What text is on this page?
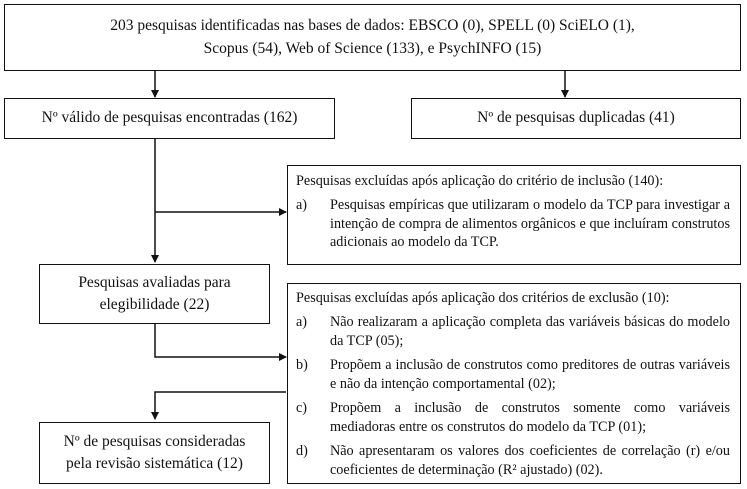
203 pesquisas identificadas nas bases de dados: EBSCO (0), SPELL (0) SciELO (1),
Scopus (54), Web of Science (133), e PsychINFO (15)
Nº válido de pesquisas encontradas (162)	Nº de pesquisas duplicadas (41)
Pesquisas excluídas após aplicação do critério de inclusão (140):
a)	Pesquisas empíricas que utilizaram o modelo da TCP para investigar a intenção de compra de alimentos orgânicos e que incluíram construtos adicionais ao modelo da TCP.
Pesquisas avaliadas para
elegibilidade (22)	Pesquisas excluídas após aplicação dos critérios de exclusão (10):
a)	Não realizaram a aplicação completa das variáveis básicas do modelo da TCP (05);
b)	Propõem a inclusão de construtos como preditores de outras variáveis e não da intenção comportamental (02);
c)	Propõem a inclusão de construtos somente como variáveis mediadoras entre os construtos do modelo da TCP (01);
d)	Não apresentaram os valores dos coeficientes de correlação (r) e/ou coeficientes de determinação (R² ajustado) (02).
Nº de pesquisas consideradas
pela revisão sistemática (12)
